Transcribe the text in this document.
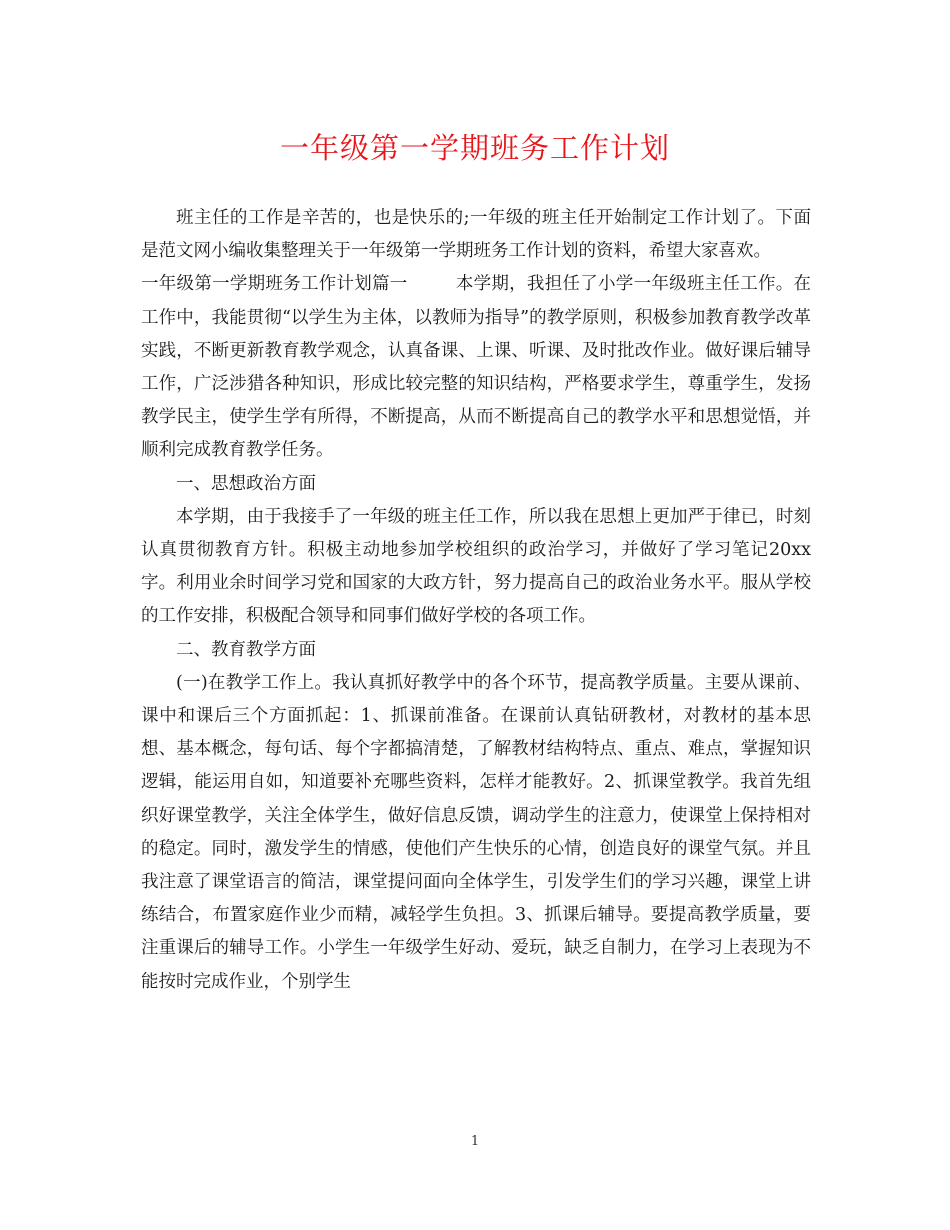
一年级第一学期班务工作计划

班主任的工作是辛苦的，也是快乐的;一年级的班主任开始制定工作计划了。下面是范文网小编收集整理关于一年级第一学期班务工作计划的资料，希望大家喜欢。

一年级第一学期班务工作计划篇一	本学期，我担任了小学一年级班主任工作。在工作中，我能贯彻“以学生为主体，以教师为指导”的教学原则，积极参加教育教学改革实践，不断更新教育教学观念，认真备课、上课、听课、及时批改作业。做好课后辅导工作，广泛涉猎各种知识，形成比较完整的知识结构，严格要求学生，尊重学生，发扬教学民主，使学生学有所得，不断提高，从而不断提高自己的教学水平和思想觉悟，并顺利完成教育教学任务。

一、思想政治方面

本学期，由于我接手了一年级的班主任工作，所以我在思想上更加严于律已，时刻认真贯彻教育方针。积极主动地参加学校组织的政治学习，并做好了学习笔记20xx字。利用业余时间学习党和国家的大政方针，努力提高自己的政治业务水平。服从学校的工作安排，积极配合领导和同事们做好学校的各项工作。

二、教育教学方面

(一)在教学工作上。我认真抓好教学中的各个环节，提高教学质量。主要从课前、课中和课后三个方面抓起：1、抓课前准备。在课前认真钻研教材，对教材的基本思想、基本概念，每句话、每个字都搞清楚，了解教材结构特点、重点、难点，掌握知识逻辑，能运用自如，知道要补充哪些资料，怎样才能教好。2、抓课堂教学。我首先组织好课堂教学，关注全体学生，做好信息反馈，调动学生的注意力，使课堂上保持相对的稳定。同时，激发学生的情感，使他们产生快乐的心情，创造良好的课堂气氛。并且我注意了课堂语言的简洁，课堂提问面向全体学生，引发学生们的学习兴趣，课堂上讲练结合，布置家庭作业少而精，减轻学生负担。3、抓课后辅导。要提高教学质量，要注重课后的辅导工作。小学生一年级学生好动、爱玩，缺乏自制力，在学习上表现为不能按时完成作业，个别学生

1
